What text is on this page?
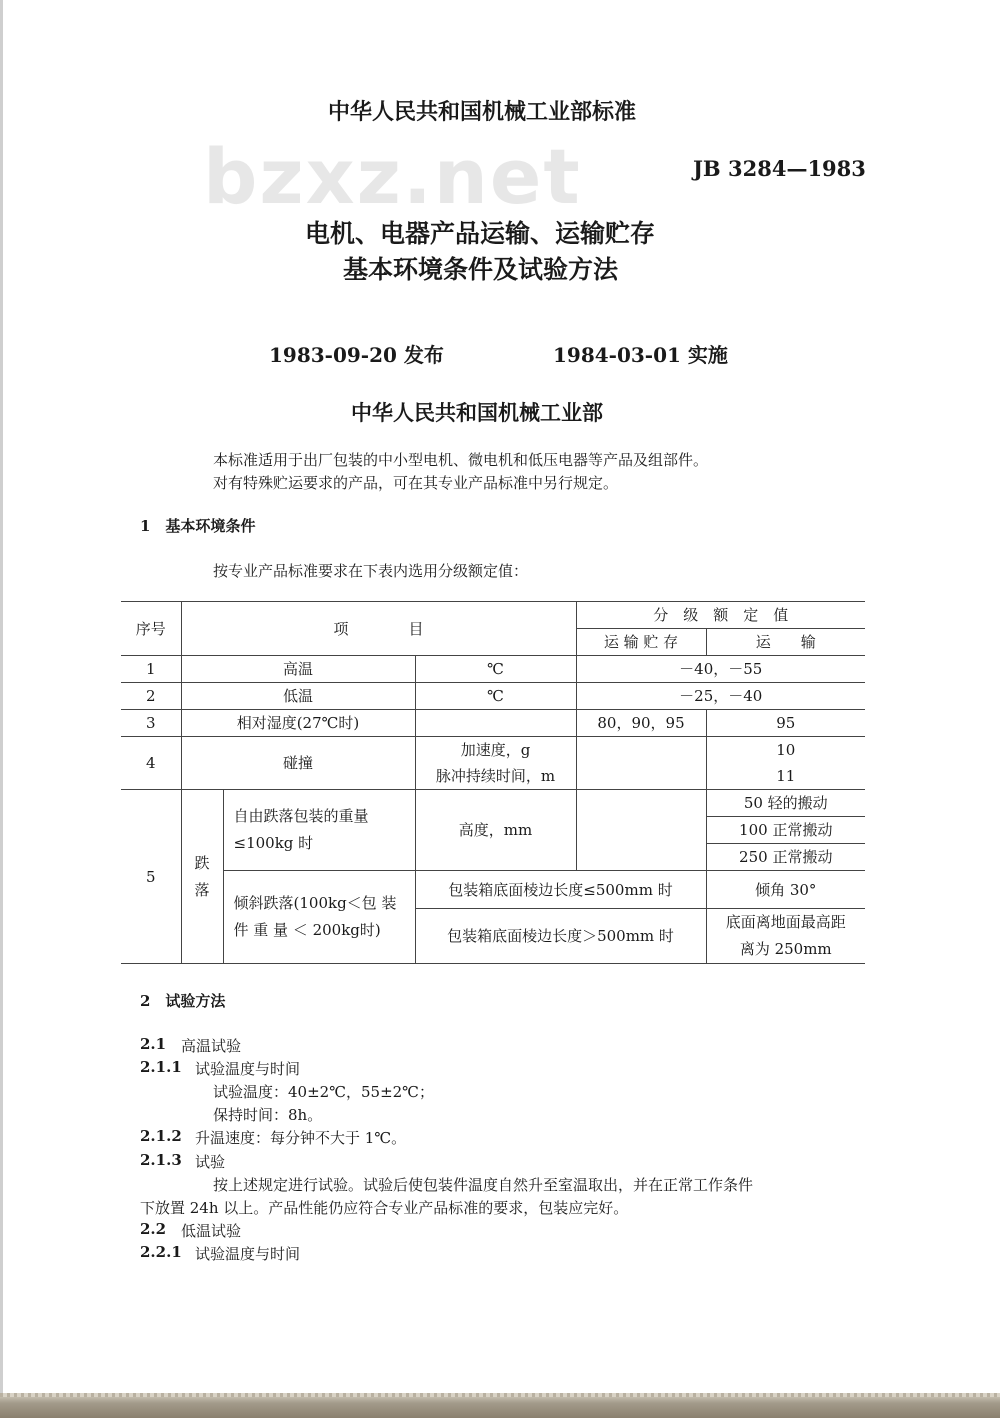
中华人民共和国机械工业部标准
bzxz.net	JB 3284—1983
电机、电器产品运输、运输贮存
基本环境条件及试验方法
1983-09-20 发布	1984-03-01 实施
中华人民共和国机械工业部
本标准适用于出厂包装的中小型电机、微电机和低压电器等产品及组部件。
对有特殊贮运要求的产品，可在其专业产品标准中另行规定。
1　基本环境条件
按专业产品标准要求在下表内选用分级额定值：
序号	项　　　　目			分　级　额　定　值	
				运 输 贮 存	运　　输
1	高温		℃	－40，－55	
2	低温		℃	－25，－40	
3	相对湿度(27℃时)			80，90，95	95
4	碰撞		加速度，g		10
			脉冲持续时间，m		11
5	跌落	自由跌落包装的重量≤100kg 时	高度，mm		50 轻的搬动
					100 正常搬动
					250 正常搬动
		倾斜跌落(100kg＜包 装 件 重 量 ＜ 200kg时)	包装箱底面棱边长度≤500mm 时		倾角 30°
			包装箱底面棱边长度＞500mm 时		底面离地面最高距离为 250mm
2　试验方法
2.1 高温试验
2.1.1 试验温度与时间
试验温度：40±2℃，55±2℃；
保持时间：8h。
2.1.2 升温速度：每分钟不大于 1℃。
2.1.3 试验
按上述规定进行试验。试验后使包装件温度自然升至室温取出，并在正常工作条件
下放置 24h 以上。产品性能仍应符合专业产品标准的要求，包装应完好。
2.2 低温试验
2.2.1 试验温度与时间
